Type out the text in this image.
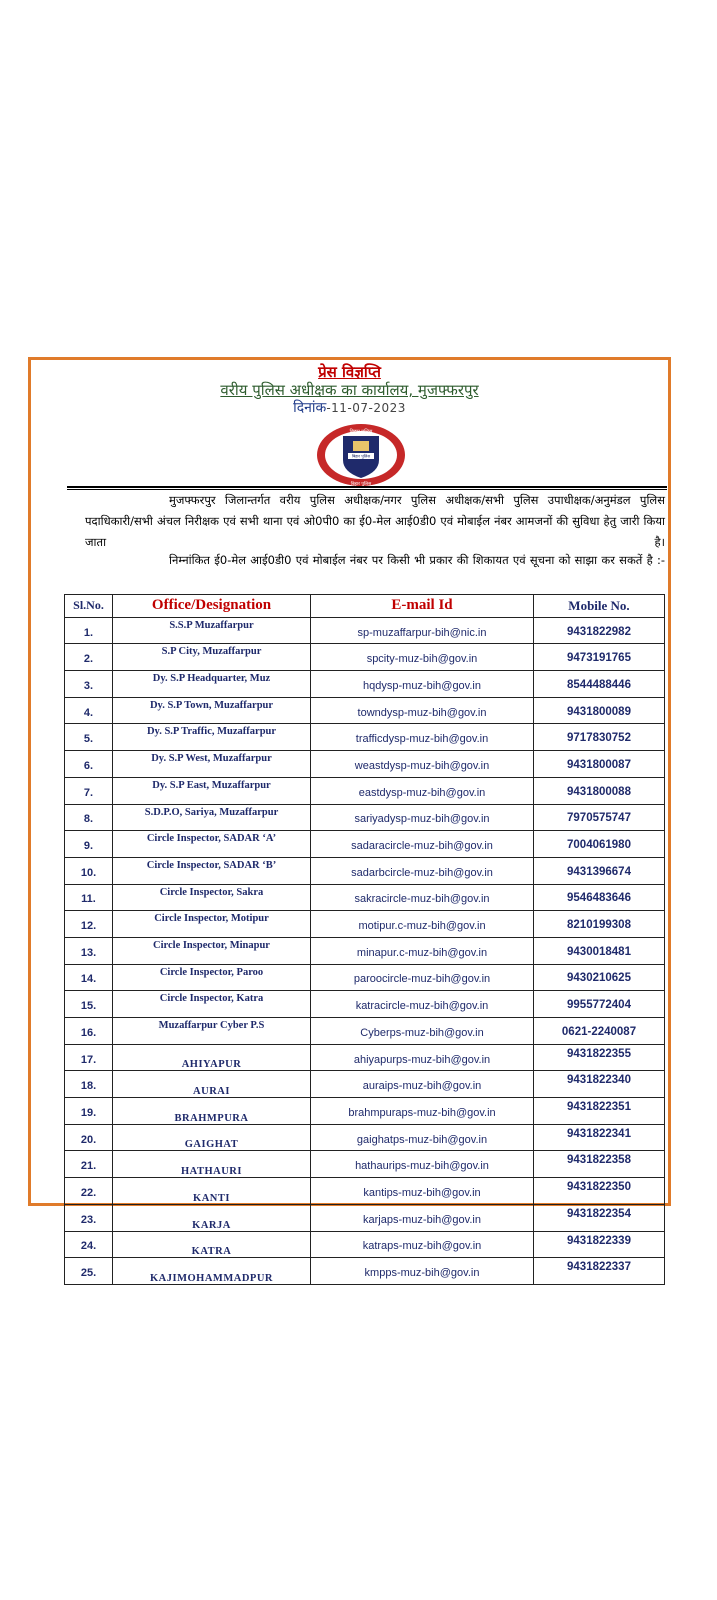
प्रेस विज्ञप्ति
वरीय पुलिस अधीक्षक का कार्यालय, मुजफ्फरपुर
दिनांक-11-07-2023
बिहार पुलिस
बिहार पुलिस
बिहार पुलिस
मुजफ्फरपुर जिलान्तर्गत वरीय पुलिस अधीक्षक/नगर पुलिस अधीक्षक/सभी पुलिस उपाधीक्षक/अनुमंडल पुलिस पदाधिकारी/सभी अंचल निरीक्षक एवं सभी थाना एवं ओ0पी0 का ई0-मेल आई0डी0 एवं मोबाईल नंबर आमजनों की सुविधा हेतु जारी किया जाता है।
निम्नांकित ई0-मेल आई0डी0 एवं मोबाईल नंबर पर किसी भी प्रकार की शिकायत एवं सूचना को साझा कर सकतें है :-
Sl.No.	Office/Designation	E-mail Id	Mobile No.
1.	S.S.P Muzaffarpur	sp-muzaffarpur-bih@nic.in	9431822982
2.	S.P City, Muzaffarpur	spcity-muz-bih@gov.in	9473191765
3.	Dy. S.P Headquarter, Muz	hqdysp-muz-bih@gov.in	8544488446
4.	Dy. S.P Town, Muzaffarpur	towndysp-muz-bih@gov.in	9431800089
5.	Dy. S.P Traffic, Muzaffarpur	trafficdysp-muz-bih@gov.in	9717830752
6.	Dy. S.P West, Muzaffarpur	weastdysp-muz-bih@gov.in	9431800087
7.	Dy. S.P East, Muzaffarpur	eastdysp-muz-bih@gov.in	9431800088
8.	S.D.P.O, Sariya, Muzaffarpur	sariyadysp-muz-bih@gov.in	7970575747
9.	Circle Inspector, SADAR ‘A’	sadaracircle-muz-bih@gov.in	7004061980
10.	Circle Inspector, SADAR ‘B’	sadarbcircle-muz-bih@gov.in	9431396674
11.	Circle Inspector, Sakra	sakracircle-muz-bih@gov.in	9546483646
12.	Circle Inspector, Motipur	motipur.c-muz-bih@gov.in	8210199308
13.	Circle Inspector, Minapur	minapur.c-muz-bih@gov.in	9430018481
14.	Circle Inspector, Paroo	paroocircle-muz-bih@gov.in	9430210625
15.	Circle Inspector, Katra	katracircle-muz-bih@gov.in	9955772404
16.	Muzaffarpur Cyber P.S	Cyberps-muz-bih@gov.in	0621-2240087
17.	AHIYAPUR	ahiyapurps-muz-bih@gov.in	9431822355
18.	AURAI	auraips-muz-bih@gov.in	9431822340
19.	BRAHMPURA	brahmpuraps-muz-bih@gov.in	9431822351
20.	GAIGHAT	gaighatps-muz-bih@gov.in	9431822341
21.	HATHAURI	hathaurips-muz-bih@gov.in	9431822358
22.	KANTI	kantips-muz-bih@gov.in	9431822350
23.	KARJA	karjaps-muz-bih@gov.in	9431822354
24.	KATRA	katraps-muz-bih@gov.in	9431822339
25.	KAJIMOHAMMADPUR	kmpps-muz-bih@gov.in	9431822337
